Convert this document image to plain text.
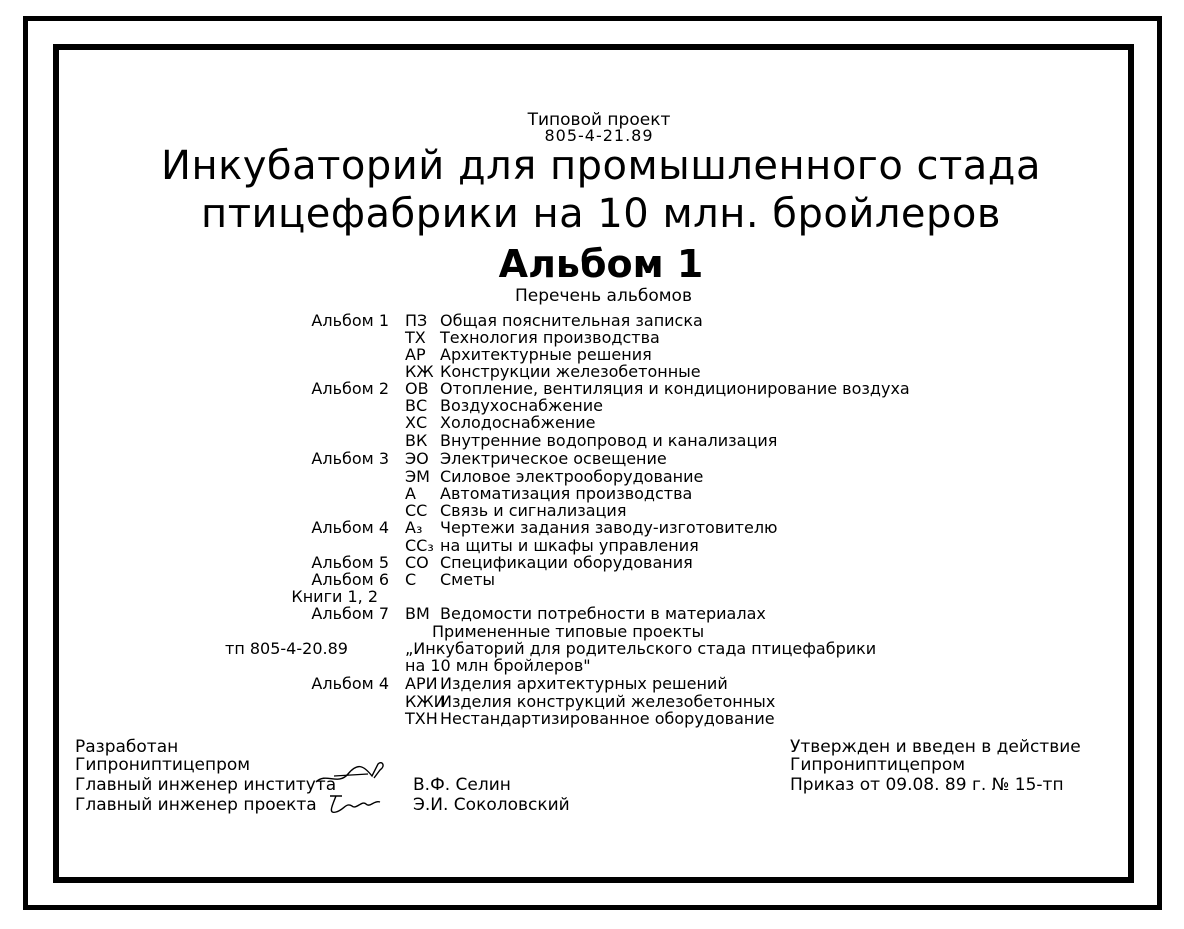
Типовой проект
805-4-21.89
Инкубаторий для промышленного стада
птицефабрики на 10 млн. бройлеров
Альбом 1
Перечень альбомов
Альбом 1 ПЗ Общая пояснительная записка
ТХ Технология производства
АР Архитектурные решения
КЖ Конструкции железобетонные
Альбом 2 ОВ Отопление, вентиляция и кондиционирование воздуха
ВС Воздухоснабжение
ХС Холодоснабжение
ВК Внутренние водопровод и канализация
Альбом 3 ЭО Электрическое освещение
ЭМ Силовое электрооборудование
А Автоматизация производства
СС Связь и сигнализация
Альбом 4 А₃ Чертежи задания заводу-изготовителю
СС₃ на щиты и шкафы управления
Альбом 5 СО Спецификации оборудования
Альбом 6 С Сметы
Книги 1, 2
Альбом 7 ВМ Ведомости потребности в материалах
Примененные типовые проекты
тп 805-4-20.89	„Инкубаторий для родительского стада птицефабрики
на 10 млн бройлеров"
Альбом 4 АРИ Изделия архитектурных решений
КЖИ
Изделия конструкций железобетонных
ТХН Нестандартизированное оборудование
Разработан
Гипрониптицепром
Главный инженер института
Главный инженер проекта
В.Ф. Селин
Э.И. Соколовский
Утвержден и введен в действие
Гипрониптицепром
Приказ от 09.08. 89 г. № 15-тп
